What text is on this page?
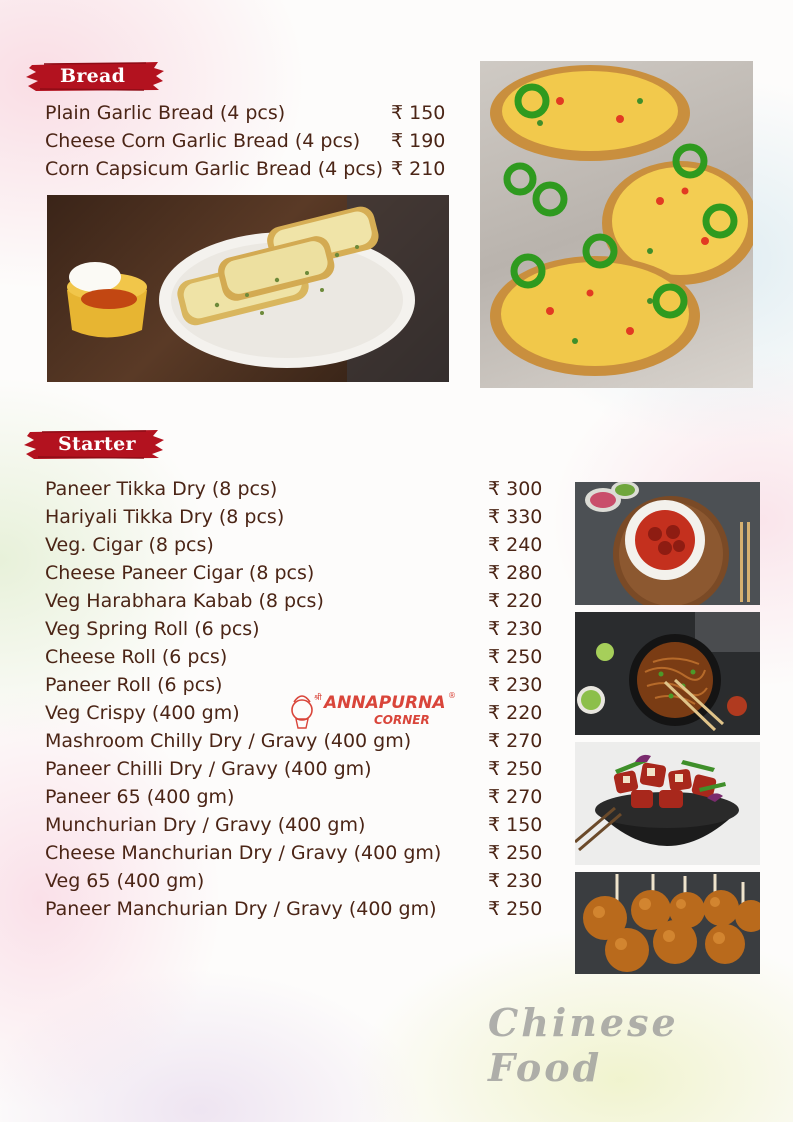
Bread
Plain Garlic Bread (4 pcs)	₹ 150
Cheese Corn Garlic Bread (4 pcs) ₹ 190
Corn Capsicum Garlic Bread (4 pcs) ₹ 210
Starter
Paneer Tikka Dry (8 pcs)	₹ 300
Hariyali Tikka Dry (8 pcs)	₹ 330
Veg. Cigar (8 pcs)	₹ 240
Cheese Paneer Cigar (8 pcs)	₹ 280
Veg Harabhara Kabab (8 pcs)	₹ 220
Veg Spring Roll (6 pcs)	₹ 230
Cheese Roll (6 pcs)	₹ 250
Paneer Roll (6 pcs)	₹ 230
Veg Crispy (400 gm)	₹ 220
Mashroom Chilly Dry / Gravy (400 gm)	₹ 270
Paneer Chilli Dry / Gravy (400 gm)	₹ 250
Paneer 65 (400 gm)	₹ 270
Munchurian Dry / Gravy (400 gm)	₹ 150
Cheese Manchurian Dry / Gravy (400 gm) ₹ 250
Veg 65 (400 gm)	₹ 230
Paneer Manchurian Dry / Gravy (400 gm)	₹ 250
श्री ANNAPURNA ®
CORNER
Chinese Food
